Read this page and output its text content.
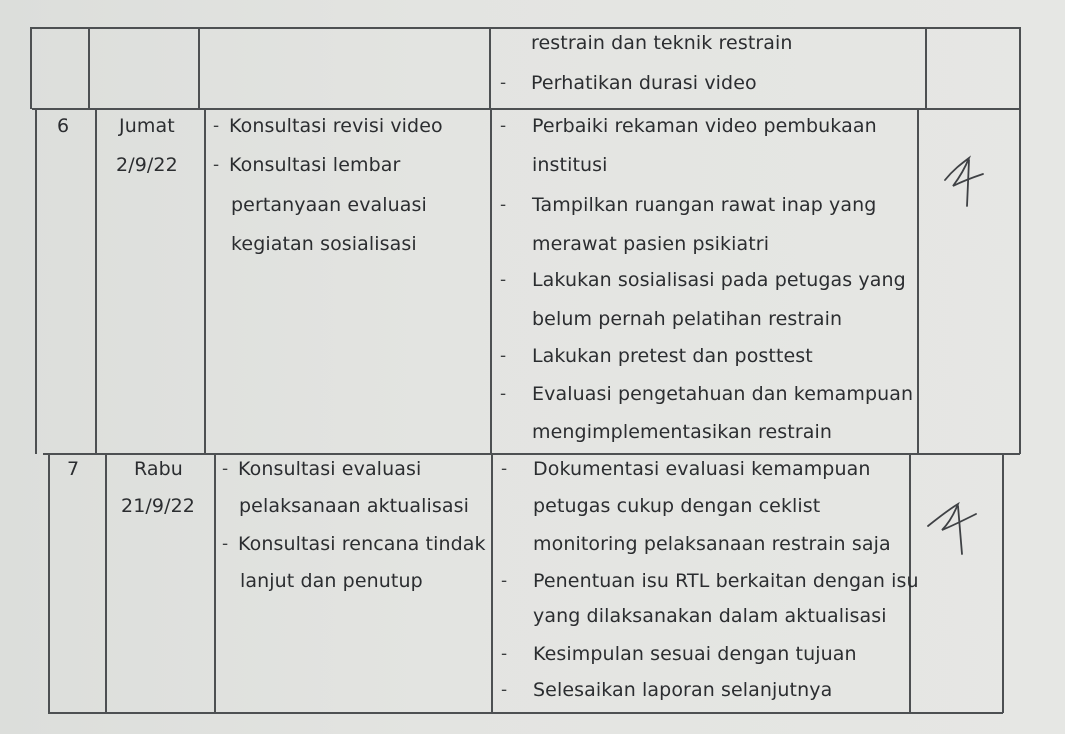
restrain dan teknik restrain
- Perhatikan durasi video
6	Jumat
2/9/22
- Konsultasi revisi video
- Konsultasi lembar
pertanyaan evaluasi
kegiatan sosialisasi
- Perbaiki rekaman video pembukaan
institusi
- Tampilkan ruangan rawat inap yang
merawat pasien psikiatri
- Lakukan sosialisasi pada petugas yang
belum pernah pelatihan restrain
- Lakukan pretest dan posttest
- Evaluasi pengetahuan dan kemampuan
mengimplementasikan restrain
7	Rabu
21/9/22
- Konsultasi evaluasi
pelaksanaan aktualisasi
- Konsultasi rencana tindak
lanjut dan penutup
- Dokumentasi evaluasi kemampuan
petugas cukup dengan ceklist
monitoring pelaksanaan restrain saja
- Penentuan isu RTL berkaitan dengan isu
yang dilaksanakan dalam aktualisasi
- Kesimpulan sesuai dengan tujuan
- Selesaikan laporan selanjutnya
